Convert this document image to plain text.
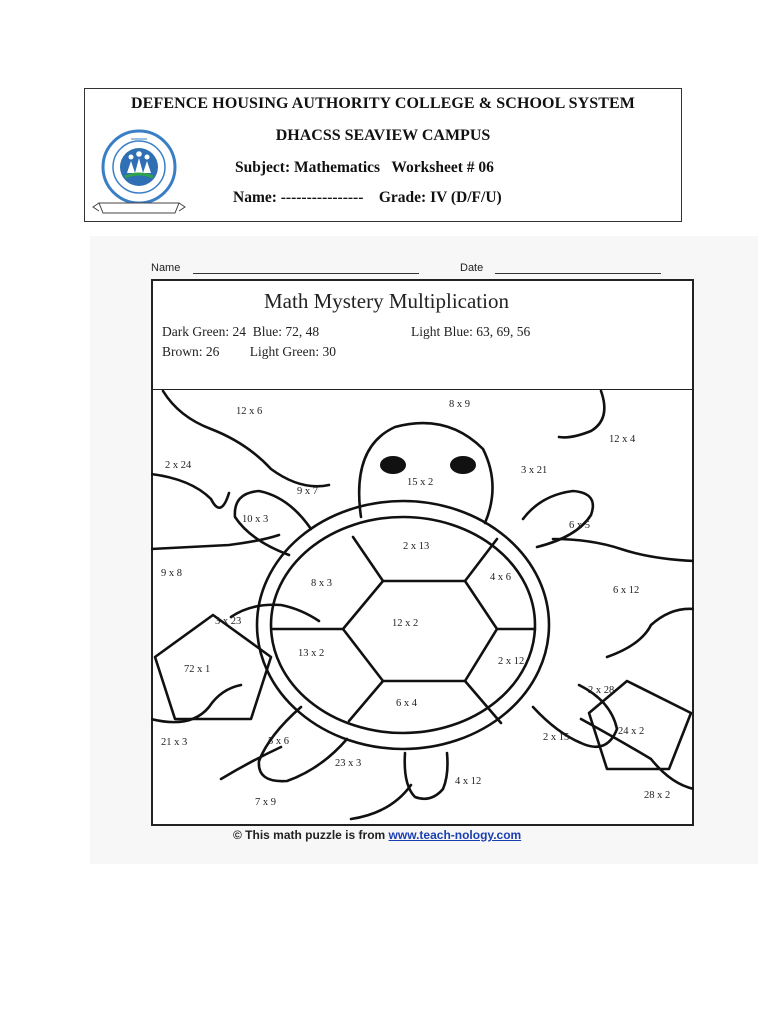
DEFENCE HOUSING AUTHORITY COLLEGE & SCHOOL SYSTEM
DHACSS SEAVIEW CAMPUS
Subject: Mathematics   Worksheet # 06
Name: ----------------    Grade: IV (D/F/U)
Name	Date
Math Mystery Multiplication
Dark Green: 24  Blue: 72, 48	Light Blue: 63, 69, 56
Brown: 26         Light Green: 30
12 x 6
8 x 9
12 x 4
2 x 24	3 x 21
15 x 2
9 x 7
10 x 3
6 x 5
2 x 13
9 x 8
8 x 3
4 x 6
6 x 12
3 x 23	12 x 2
72 x 1
13 x 2
2 x 12
2 x 28
6 x 4
24 x 2
21 x 3	5 x 6	2 x 15
23 x 3
4 x 12
28 x 2
7 x 9
© This math puzzle is from www.teach-nology.com
